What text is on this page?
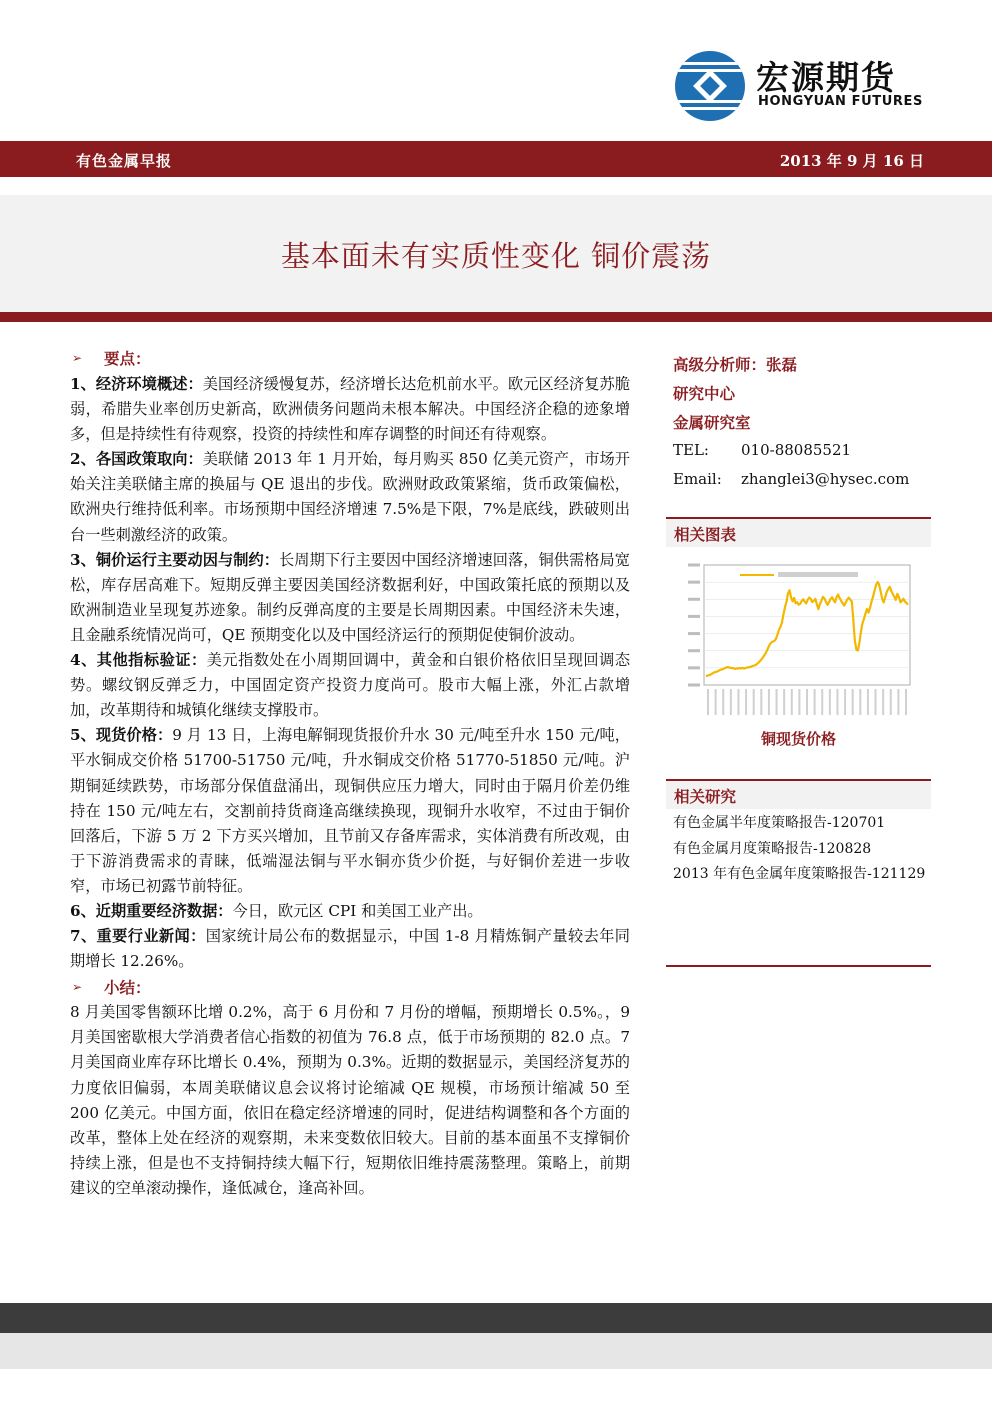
宏源期货
HONGYUAN FUTURES
有色金属早报	2013 年 9 月 16 日
基本面未有实质性变化 铜价震荡
➢	要点：

1、经济环境概述：美国经济缓慢复苏，经济增长达危机前水平。欧元区经济复苏脆弱，希腊失业率创历史新高，欧洲债务问题尚未根本解决。中国经济企稳的迹象增多，但是持续性有待观察，投资的持续性和库存调整的时间还有待观察。

2、各国政策取向：美联储 2013 年 1 月开始，每月购买 850 亿美元资产，市场开始关注美联储主席的换届与 QE 退出的步伐。欧洲财政政策紧缩，货币政策偏松，欧洲央行维持低利率。市场预期中国经济增速 7.5%是下限，7%是底线，跌破则出台一些刺激经济的政策。

3、铜价运行主要动因与制约：长周期下行主要因中国经济增速回落，铜供需格局宽松，库存居高难下。短期反弹主要因美国经济数据利好，中国政策托底的预期以及欧洲制造业呈现复苏迹象。制约反弹高度的主要是长周期因素。中国经济未失速，且金融系统情况尚可，QE 预期变化以及中国经济运行的预期促使铜价波动。

4、其他指标验证：美元指数处在小周期回调中，黄金和白银价格依旧呈现回调态势。螺纹钢反弹乏力，中国固定资产投资力度尚可。股市大幅上涨，外汇占款增加，改革期待和城镇化继续支撑股市。

5、现货价格：9 月 13 日，上海电解铜现货报价升水 30 元/吨至升水 150 元/吨，平水铜成交价格 51700-51750 元/吨，升水铜成交价格 51770-51850 元/吨。沪期铜延续跌势，市场部分保值盘涌出，现铜供应压力增大，同时由于隔月价差仍维持在 150 元/吨左右，交割前持货商逢高继续换现，现铜升水收窄，不过由于铜价回落后，下游 5 万 2 下方买兴增加，且节前又存备库需求，实体消费有所改观，由于下游消费需求的青睐，低端湿法铜与平水铜亦货少价挺，与好铜价差进一步收窄，市场已初露节前特征。

6、近期重要经济数据：今日，欧元区 CPI 和美国工业产出。

7、重要行业新闻：国家统计局公布的数据显示，中国 1-8 月精炼铜产量较去年同期增长 12.26%。

➢	小结：

8 月美国零售额环比增 0.2%，高于 6 月份和 7 月份的增幅，预期增长 0.5%。，9 月美国密歇根大学消费者信心指数的初值为 76.8 点，低于市场预期的 82.0 点。7 月美国商业库存环比增长 0.4%，预期为 0.3%。近期的数据显示，美国经济复苏的力度依旧偏弱，本周美联储议息会议将讨论缩减 QE 规模，市场预计缩减 50 至 200 亿美元。中国方面，依旧在稳定经济增速的同时，促进结构调整和各个方面的改革，整体上处在经济的观察期，未来变数依旧较大。目前的基本面虽不支撑铜价持续上涨，但是也不支持铜持续大幅下行，短期依旧维持震荡整理。策略上，前期建议的空单滚动操作，逢低减仓，逢高补回。

高级分析师：张磊
研究中心
金属研究室
TEL:	010-88085521
Email:	zhanglei3@hysec.com
相关图表
铜现货价格
相关研究
有色金属半年度策略报告-120701
有色金属月度策略报告-120828
2013 年有色金属年度策略报告-121129
